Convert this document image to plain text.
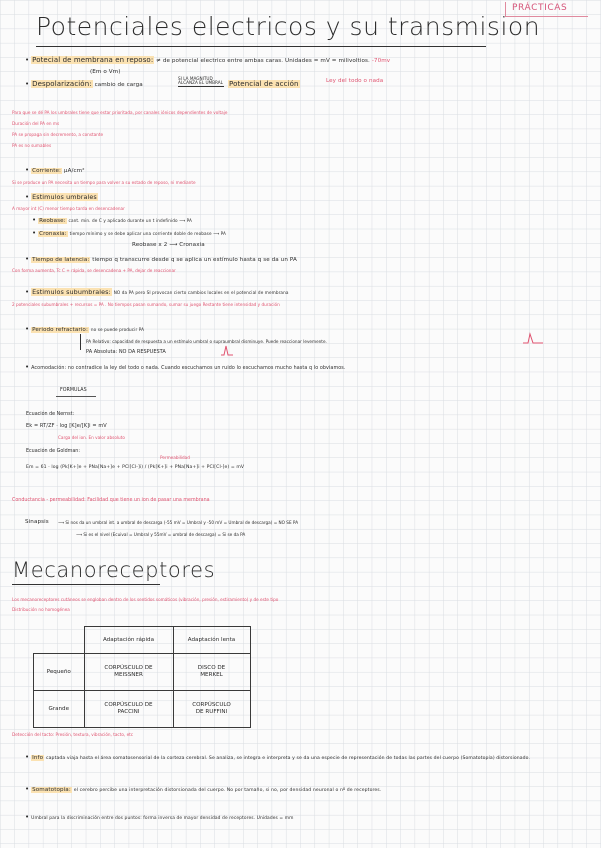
PRÁCTICAS
Potenciales electricos y su transmision
• Potecial de membrana en reposo: ≠ de potencial electrico entre ambas caras. Unidades = mV = milivoltios. -70mv
(Em o Vm)
• Despolarización: cambio de carga
SI LA MAGNITUD ALCANZA EL UMBRAL Potencial de acción	Ley del todo o nada
Para que se dé PA los umbrales tiene que estar prioritada, por canales iónicos dependientes de voltaje
Duración del PA en ms
PA se propaga sin decremento, a constante
PA es no sumables
• Corriente: µA/cm²
Si se produce un PA necesita un tiempo para volver a su estado de reposo, ni mediante
• Estimulos umbrales
A mayor int (C) menor tiempo tarda en desencadenar
• Reobase: cant. min. de C y aplicado durante un t indefinido ⟶ PA
• Cronaxia: tiempo mínimo y se debe aplicar una corriente doble de reobase ⟶ PA
Reobase x 2 ⟶ Cronaxia
• Tiempo de latencia: tiempo q transcurre desde q se aplica un estímulo hasta q se da un PA
Con forma aumenta, Tc C + rápida, se desencadena + PA, dejar de reaccionar
• Estimulos subumbrales: NO da PA pero SI provocan cierto cambios locales en el potencial de membrana
2 potenciales subumbrales + recursos = PA . No tiempos pasan sumando, sumar su juego Restante tiene intensidad y duración
• Periodo refractario: no se puede producir PA
PA Relativo: capacidad de respuesta a un estímulo umbral o supraumbral disminuye. Puede reaccionar levemente.
PA Absoluta: NO DA RESPUESTA
• Acomodación: no contradice la ley del todo o nada. Cuando escuchamos un ruido lo escuchamos mucho hasta q lo obviamos.
FORMULAS
Ecuación de Nernst:
Ek = RT/ZF · log [K]e/[K]i = mV
Carga del ion. En valor absoluto
Ecuación de Goldman:
Permeabilidad
Em = 61 · log (Pk[K+]e + PNa[Na+]e + PCl[Cl-]i) / (Pk[K+]i + PNa[Na+]i + PCl[Cl-]e) = mV
Conductancia - permeabilidad: Facilidad que tiene un ion de pasar una membrana
Sinapsis ⟶ Si nos da un umbral int. a umbral de descarga (-55 mV = Umbral y -50 mV = Umbral de descarga) = NO SE PA
⟶ Si es el nivel (Ecuival = Umbral y 55mV = umbral de descarga) = Si se da PA
Mecanoreceptores
Los mecanoreceptores cutáneos se engloban dentro de los sentidos somáticos (vibración, presión, estiramiento) y de este tipo
Distribución no homogénea
	Adaptación rápida	Adaptación lenta
Pequeño	CORPÚSCULO DE MEISSNER	DISCO DE MERKEL
Grande	CORPÚSCULO DE PACCINI	CORPÚSCULO DE RUFFINI
Detección del tacto: Presión, textura, vibración, tacto, etc
• Info captada viaja hasta el área somatosensorial de la corteza cerebral. Se analiza, se integra e interpreta y se da una especie de representación de todas las partes del cuerpo (Somatotopía) distorsionado.
• Somatotopía: el cerebro percibe una interpretación distorsionada del cuerpo. No por tamaño, si no, por densidad neuronal o nº de receptores.
• Umbral para la discriminación entre dos puntos: forma inversa de mayor densidad de receptores. Unidades = mm
